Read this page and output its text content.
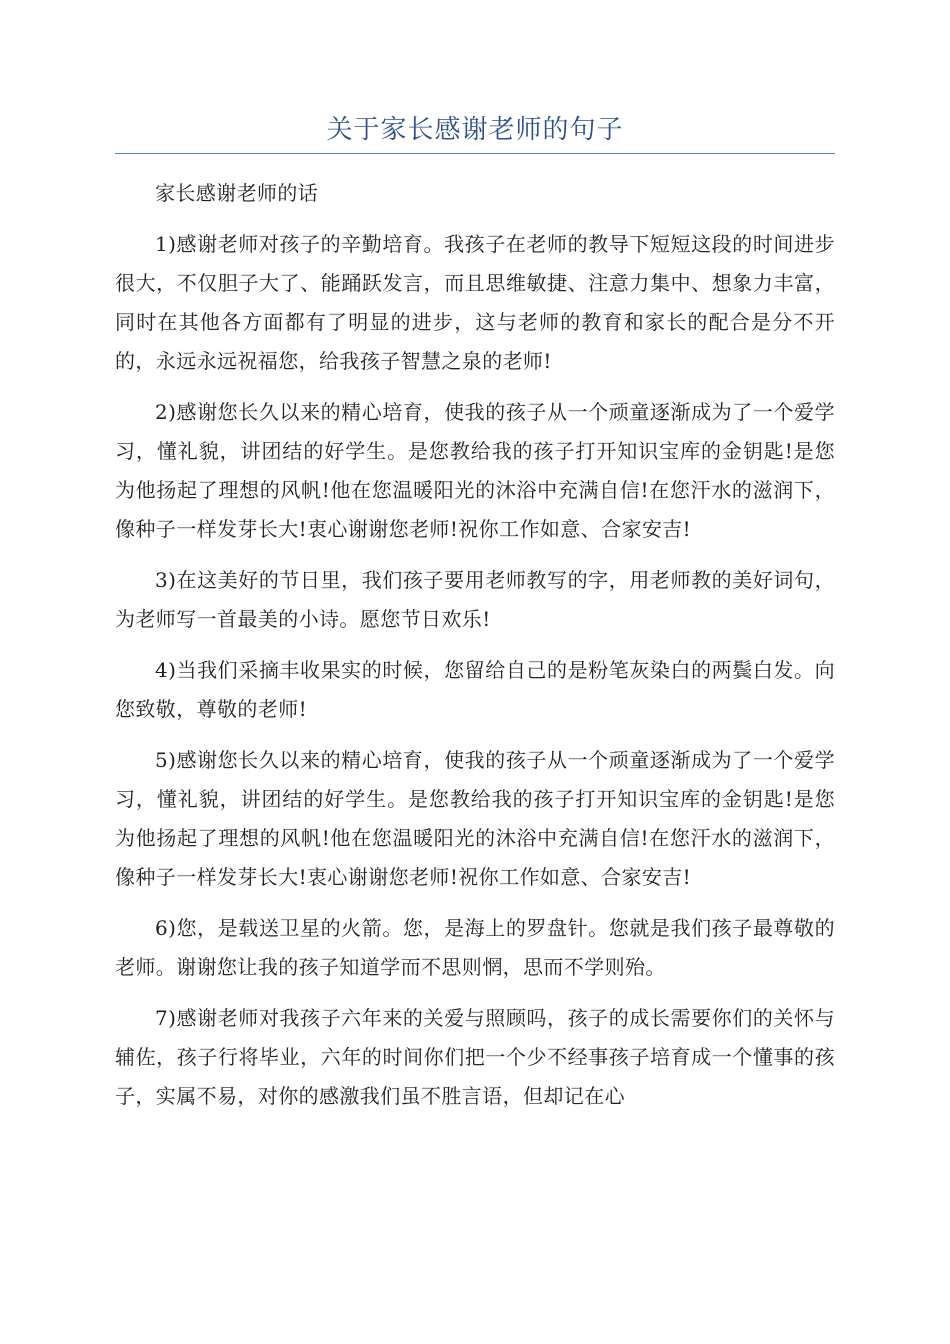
关于家长感谢老师的句子

家长感谢老师的话

1)感谢老师对孩子的辛勤培育。我孩子在老师的教导下短短这段的时间进步很大，不仅胆子大了、能踊跃发言，而且思维敏捷、注意力集中、想象力丰富，同时在其他各方面都有了明显的进步，这与老师的教育和家长的配合是分不开的，永远永远祝福您，给我孩子智慧之泉的老师!

2)感谢您长久以来的精心培育，使我的孩子从一个顽童逐渐成为了一个爱学习，懂礼貌，讲团结的好学生。是您教给我的孩子打开知识宝库的金钥匙!是您为他扬起了理想的风帆!他在您温暖阳光的沐浴中充满自信!在您汗水的滋润下，像种子一样发芽长大!衷心谢谢您老师!祝你工作如意、合家安吉!

3)在这美好的节日里，我们孩子要用老师教写的字，用老师教的美好词句，为老师写一首最美的小诗。愿您节日欢乐!

4)当我们采摘丰收果实的时候，您留给自己的是粉笔灰染白的两鬓白发。向您致敬，尊敬的老师!

5)感谢您长久以来的精心培育，使我的孩子从一个顽童逐渐成为了一个爱学习，懂礼貌，讲团结的好学生。是您教给我的孩子打开知识宝库的金钥匙!是您为他扬起了理想的风帆!他在您温暖阳光的沐浴中充满自信!在您汗水的滋润下，像种子一样发芽长大!衷心谢谢您老师!祝你工作如意、合家安吉!

6)您，是载送卫星的火箭。您，是海上的罗盘针。您就是我们孩子最尊敬的老师。谢谢您让我的孩子知道学而不思则惘，思而不学则殆。

7)感谢老师对我孩子六年来的关爱与照顾吗，孩子的成长需要你们的关怀与辅佐，孩子行将毕业，六年的时间你们把一个少不经事孩子培育成一个懂事的孩子，实属不易，对你的感激我们虽不胜言语，但却记在心
